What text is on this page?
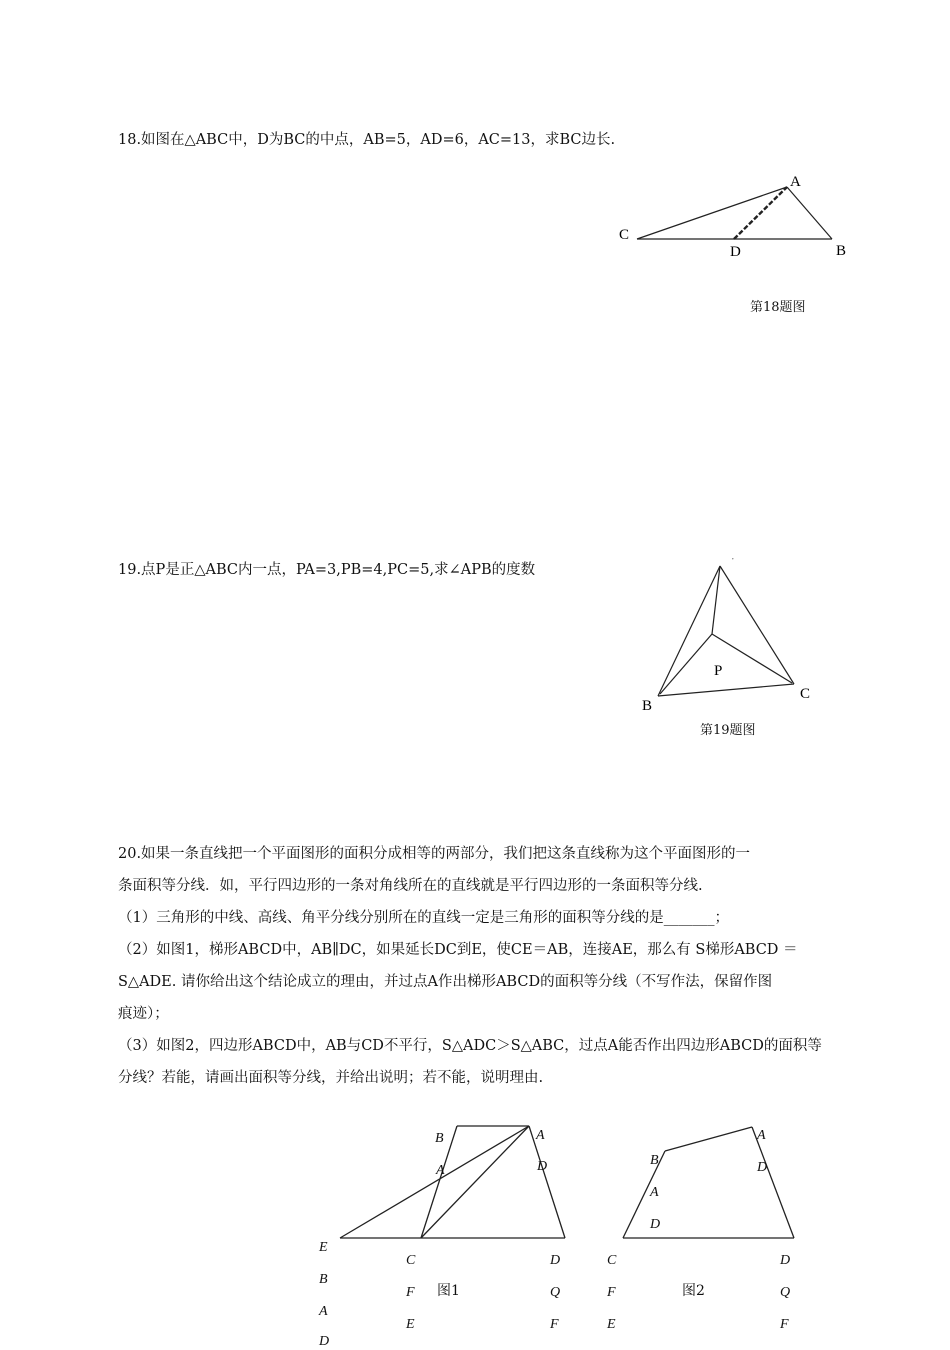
18.如图在△ABC中，D为BC的中点，AB=5，AD=6，AC=13，求BC边长.
A
B
C
D
第18题图
19.点P是正△ABC内一点，PA=3,PB=4,PC=5,求∠APB的度数
'
P
B
C
第19题图
20.如果一条直线把一个平面图形的面积分成相等的两部分，我们把这条直线称为这个平面图形的一
条面积等分线．如，平行四边形的一条对角线所在的直线就是平行四边形的一条面积等分线.
（1）三角形的中线、高线、角平分线分别所在的直线一定是三角形的面积等分线的是_______；
（2）如图1，梯形ABCD中，AB∥DC，如果延长DC到E，使CE＝AB，连接AE，那么有 S梯形ABCD ＝
S△ADE. 请你给出这个结论成立的理由，并过点A作出梯形ABCD的面积等分线（不写作法，保留作图
痕迹）；
（3）如图2，四边形ABCD中，AB与CD不平行，S△ADC＞S△ABC，过点A能否作出四边形ABCD的面积等
分线？若能，请画出面积等分线，并给出说明；若不能，说明理由.
B	A
A	D
E
B
A
D
C
F
E
D
Q
F
图1
B
A
D
A
D
C
F
E
D
Q
F
图2
